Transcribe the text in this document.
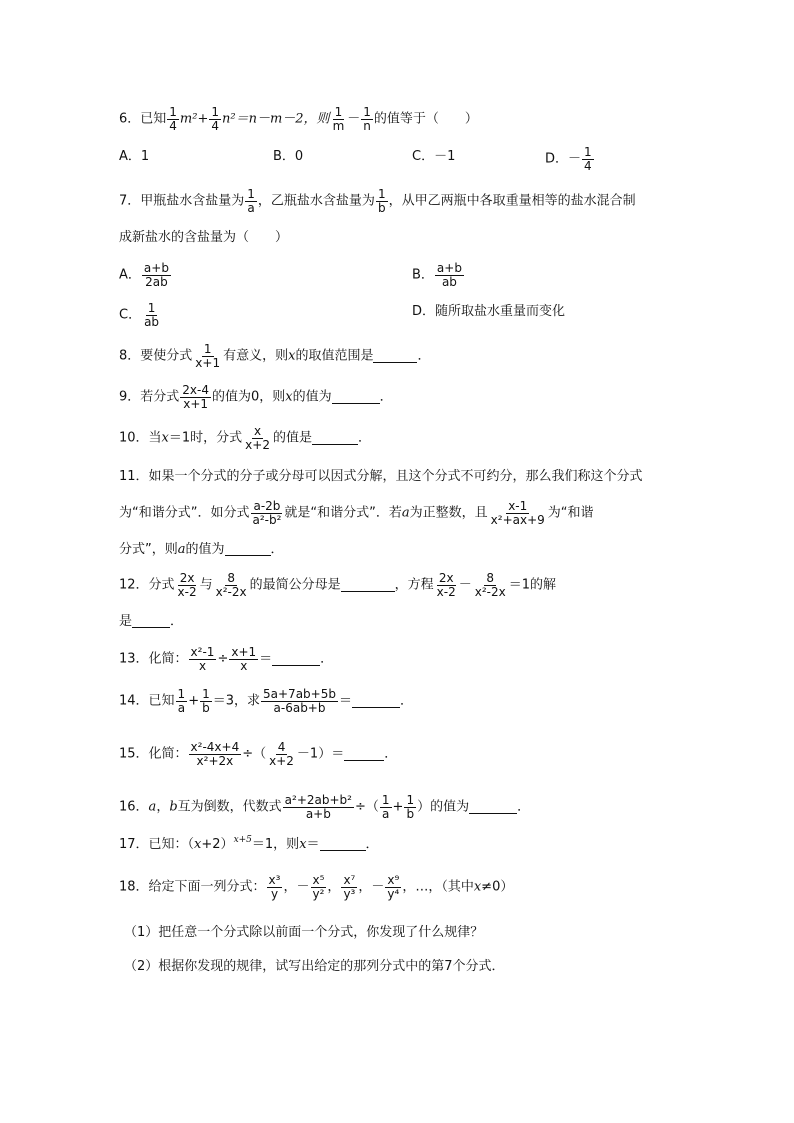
6．已知 $\frac{1}{4} m^2+ \frac{1}{4} n^2=n-m-2$，则 $\frac{1}{m} - \frac{1}{n}$ 的值等于（　　）
A．1	B．0	C．－1	D．－ $\frac{1}{4}$
7．甲瓶盐水含盐量为 $\frac{1}{a}$ ，乙瓶盐水含盐量为 $\frac{1}{b}$ ，从甲乙两瓶中各取重量相等的盐水混合制
成新盐水的含盐量为（　　）
A． $\frac{a+b}{2ab}$	B． $\frac{a+b}{ab}$
C． $\frac{1}{ab}$	D．随所取盐水重量而变化
8．要使分式 $\frac{1}{x+1}$ 有意义，则x的取值范围是	．
9．若分式 $\frac{2x-4}{x+1}$ 的值为0，则x的值为	．
10．当x＝1时，分式 $\frac{x}{x+2}$ 的值是	．
11．如果一个分式的分子或分母可以因式分解，且这个分式不可约分，那么我们称这个分式
为“和谐分式”．如分式 $\frac{a-2b}{\text{a²-b²}}$ 就是“和谐分式”．若a为正整数，且 $\frac{x-1}{\text{x²+ax+9}}$ 为“和谐
分式”，则a的值为	．
12．分式 $\frac{2x}{x-2}$ 与 $\frac{8}{\text{x²-2x}}$ 的最简公分母是	，方程 $\frac{2x}{x-2} - \frac{8}{\text{x²-2x}} =1$的解
是	．
13．化简： $\frac{\text{x²-1}}{x} \div \frac{x+1}{x}$ ＝	．
14．已知 $\frac{1}{a} + \frac{1}{b} =3$，求 $\frac{5a+7ab+5b}{a-6ab+b}$ ＝	．
15．化简： $\frac{\text{x²-4x+4}}{\text{x²+2x}}$ ÷（ $\frac{4}{x+2} -1)=$	．
16．a，b互为倒数，代数式 $\frac{\text{a²+2ab+b²}}{a+b}$ ÷（ $\frac{1}{a} + \frac{1}{b}$ ）的值为	．
17．已知：$(x+2)^{x+5}=1$，则x＝	．
18．给定下面一列分式： $\frac{\text{x³}}{y}$ ，－ $\frac{\text{x⁵}}{\text{y²}}$ ， $\frac{\text{x⁷}}{\text{y³}}$ ，－ $\frac{\text{x⁹}}{\text{y⁴}}$ ，…，（其中x≠0）
（1）把任意一个分式除以前面一个分式，你发现了什么规律？
（2）根据你发现的规律，试写出给定的那列分式中的第7个分式．
